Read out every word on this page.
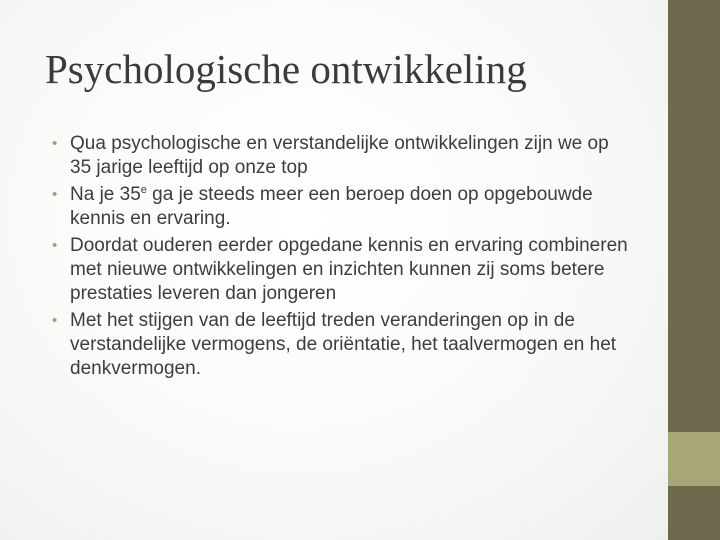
Psychologische ontwikkeling
• Qua psychologische en verstandelijke ontwikkelingen zijn we op 35 jarige leeftijd op onze top
• Na je 35e ga je steeds meer een beroep doen op opgebouwde kennis en ervaring.
• Doordat ouderen eerder opgedane kennis en ervaring combineren met nieuwe ontwikkelingen en inzichten kunnen zij soms betere prestaties leveren dan jongeren
• Met het stijgen van de leeftijd treden veranderingen op in de verstandelijke vermogens, de oriëntatie, het taalvermogen en het denkvermogen.
